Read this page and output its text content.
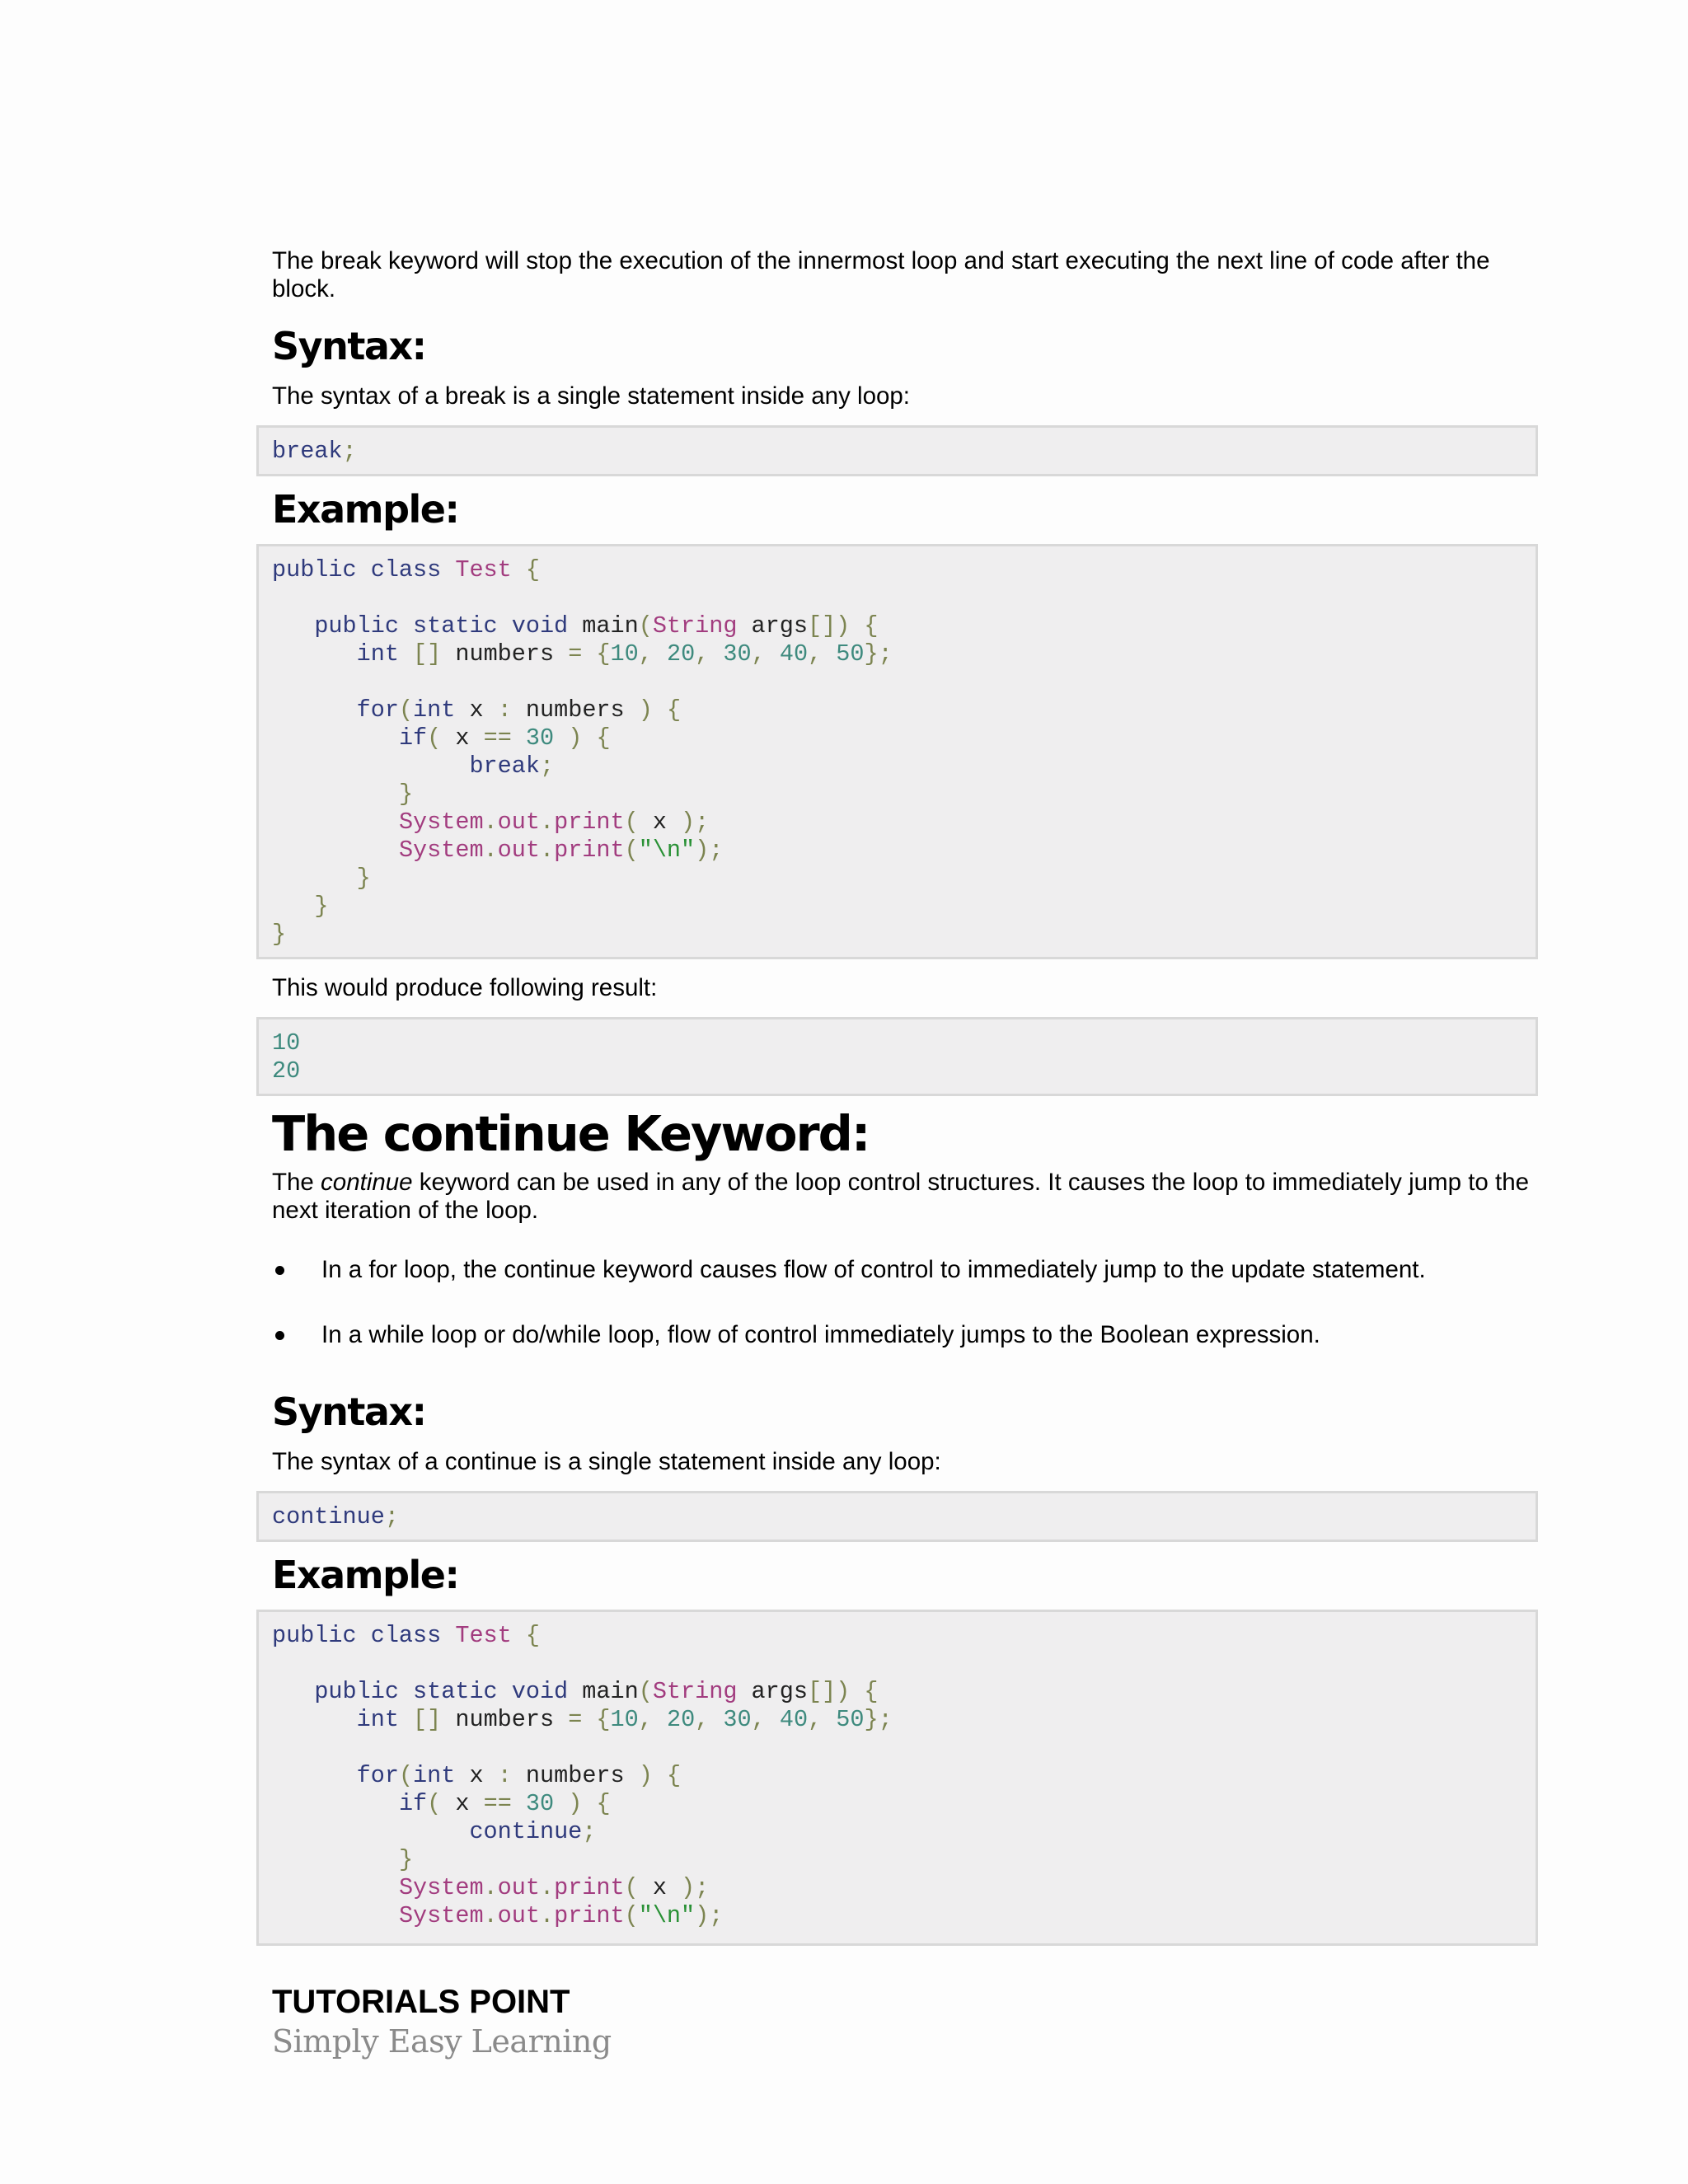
The break keyword will stop the execution of the innermost loop and start executing the next line of code after the block.

Syntax:

The syntax of a break is a single statement inside any loop:

break;
Example:
public class Test {

public static void main(String args[]) {
int [] numbers = {10, 20, 30, 40, 50};

for(int x : numbers ) {
if( x == 30 ) {
break;
}
System.out.print( x );
System.out.print("\n");
}
}
}

This would produce following result:

10
20
The continue Keyword:

The continue keyword can be used in any of the loop control structures. It causes the loop to immediately jump to the next iteration of the loop.

In a for loop, the continue keyword causes flow of control to immediately jump to the update statement.
In a while loop or do/while loop, flow of control immediately jumps to the Boolean expression.
Syntax:

The syntax of a continue is a single statement inside any loop:

continue;
Example:
public class Test {

public static void main(String args[]) {
int [] numbers = {10, 20, 30, 40, 50};

for(int x : numbers ) {
if( x == 30 ) {
continue;
}
System.out.print( x );
System.out.print("\n");
TUTORIALS POINT
Simply Easy Learning
